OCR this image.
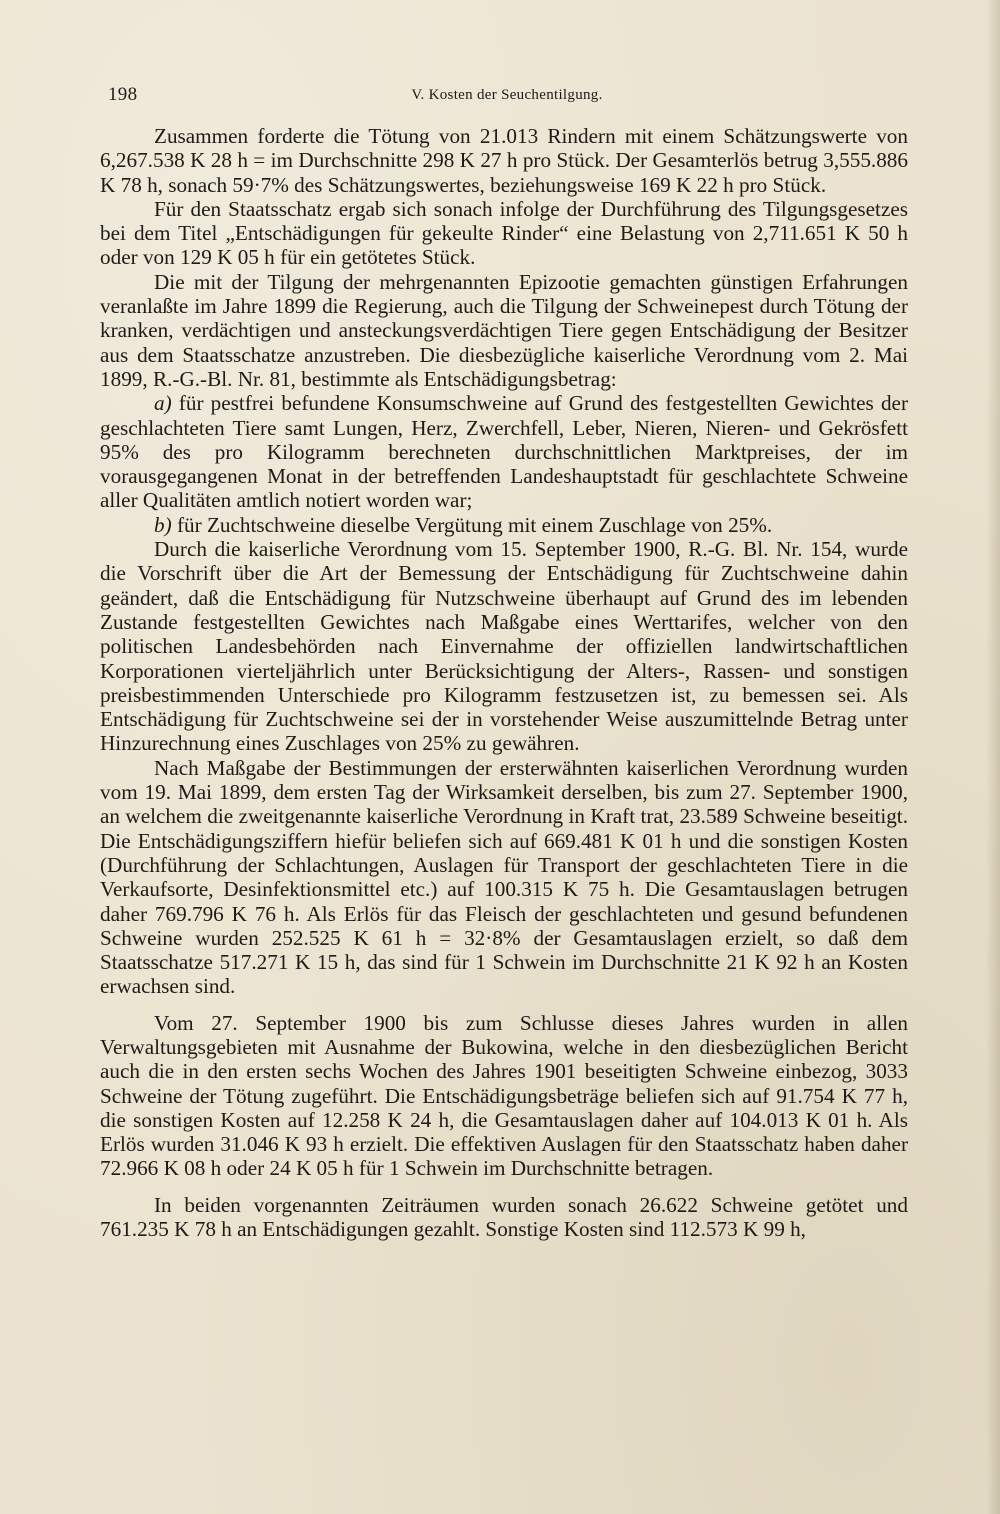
198	V. Kosten der Seuchentilgung.

Zusammen forderte die Tötung von 21.013 Rindern mit einem Schätzungswerte von 6,267.538 K 28 h = im Durchschnitte 298 K 27 h pro Stück. Der Gesamterlös betrug 3,555.886 K 78 h, sonach 59·7% des Schätzungswertes, beziehungsweise 169 K 22 h pro Stück.

Für den Staatsschatz ergab sich sonach infolge der Durchführung des Tilgungsgesetzes bei dem Titel „Entschädigungen für gekeulte Rinder“ eine Belastung von 2,711.651 K 50 h oder von 129 K 05 h für ein getötetes Stück.

Die mit der Tilgung der mehrgenannten Epizootie gemachten günstigen Erfahrungen veranlaßte im Jahre 1899 die Regierung, auch die Tilgung der Schweinepest durch Tötung der kranken, verdächtigen und ansteckungsverdächtigen Tiere gegen Entschädigung der Besitzer aus dem Staatsschatze anzustreben. Die diesbezügliche kaiserliche Verordnung vom 2. Mai 1899, R.-G.-Bl. Nr. 81, bestimmte als Entschädigungsbetrag:

a) für pestfrei befundene Konsumschweine auf Grund des festgestellten Gewichtes der geschlachteten Tiere samt Lungen, Herz, Zwerchfell, Leber, Nieren, Nieren- und Gekrösfett 95% des pro Kilogramm berechneten durchschnittlichen Marktpreises, der im vorausgegangenen Monat in der betreffenden Landeshauptstadt für geschlachtete Schweine aller Qualitäten amtlich notiert worden war;

b) für Zuchtschweine dieselbe Vergütung mit einem Zuschlage von 25%.

Durch die kaiserliche Verordnung vom 15. September 1900, R.-G. Bl. Nr. 154, wurde die Vorschrift über die Art der Bemessung der Entschädigung für Zuchtschweine dahin geändert, daß die Entschädigung für Nutzschweine überhaupt auf Grund des im lebenden Zustande festgestellten Gewichtes nach Maßgabe eines Werttarifes, welcher von den politischen Landesbehörden nach Einvernahme der offiziellen landwirtschaftlichen Korporationen vierteljährlich unter Berücksichtigung der Alters-, Rassen- und sonstigen preisbestimmenden Unterschiede pro Kilogramm festzusetzen ist, zu bemessen sei. Als Entschädigung für Zuchtschweine sei der in vorstehender Weise auszumittelnde Betrag unter Hinzurechnung eines Zuschlages von 25% zu gewähren.

Nach Maßgabe der Bestimmungen der ersterwähnten kaiserlichen Verordnung wurden vom 19. Mai 1899, dem ersten Tag der Wirksamkeit derselben, bis zum 27. September 1900, an welchem die zweitgenannte kaiserliche Verordnung in Kraft trat, 23.589 Schweine beseitigt. Die Entschädigungsziffern hiefür beliefen sich auf 669.481 K 01 h und die sonstigen Kosten (Durchführung der Schlachtungen, Auslagen für Transport der geschlachteten Tiere in die Verkaufsorte, Desinfektionsmittel etc.) auf 100.315 K 75 h. Die Gesamtauslagen betrugen daher 769.796 K 76 h. Als Erlös für das Fleisch der geschlachteten und gesund befundenen Schweine wurden 252.525 K 61 h = 32·8% der Gesamtauslagen erzielt, so daß dem Staatsschatze 517.271 K 15 h, das sind für 1 Schwein im Durchschnitte 21 K 92 h an Kosten erwachsen sind.

Vom 27. September 1900 bis zum Schlusse dieses Jahres wurden in allen Verwaltungsgebieten mit Ausnahme der Bukowina, welche in den diesbezüglichen Bericht auch die in den ersten sechs Wochen des Jahres 1901 beseitigten Schweine einbezog, 3033 Schweine der Tötung zugeführt. Die Entschädigungsbeträge beliefen sich auf 91.754 K 77 h, die sonstigen Kosten auf 12.258 K 24 h, die Gesamtauslagen daher auf 104.013 K 01 h. Als Erlös wurden 31.046 K 93 h erzielt. Die effektiven Auslagen für den Staatsschatz haben daher 72.966 K 08 h oder 24 K 05 h für 1 Schwein im Durchschnitte betragen.

In beiden vorgenannten Zeiträumen wurden sonach 26.622 Schweine getötet und 761.235 K 78 h an Entschädigungen gezahlt. Sonstige Kosten sind 112.573 K 99 h,
